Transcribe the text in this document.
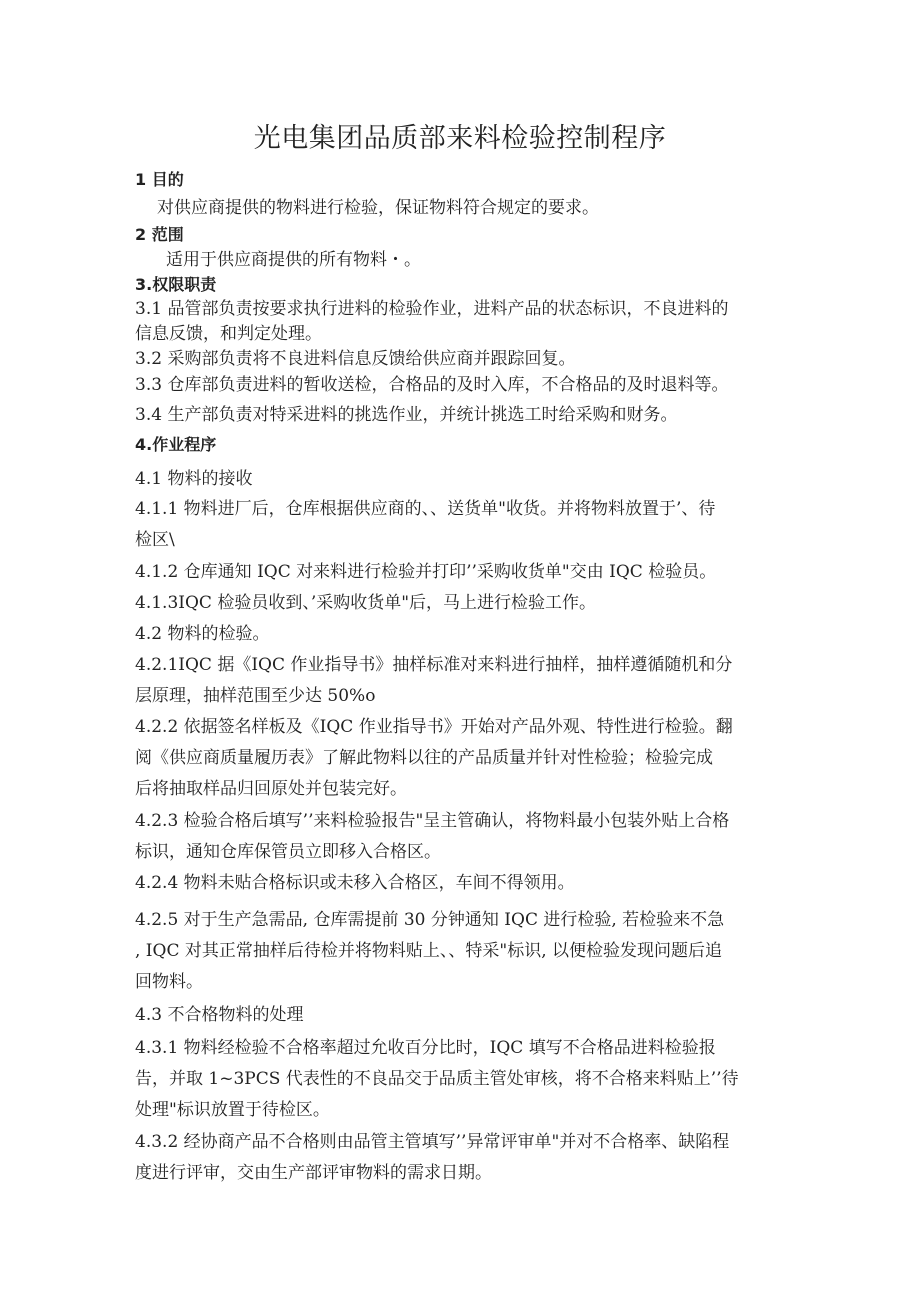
光电集团品质部来料检验控制程序

1 目的

对供应商提供的物料进行检验，保证物料符合规定的要求。

2 范围

适用于供应商提供的所有物料・。

3.权限职责

3.1 品管部负责按要求执行进料的检验作业，进料产品的状态标识，不良进料的

信息反馈，和判定处理。

3.2 采购部负责将不良进料信息反馈给供应商并跟踪回复。

3.3 仓库部负责进料的暂收送检，合格品的及时入库，不合格品的及时退料等。

3.4 生产部负责对特采进料的挑选作业，并统计挑选工时给采购和财务。

4.作业程序

4.1 物料的接收

4.1.1 物料进厂后，仓库根据供应商的、、送货单"收货。并将物料放置于’、待

检区\

4.1.2 仓库通知 IQC 对来料进行检验并打印’’采购收货单"交由 IQC 检验员。

4.1.3IQC 检验员收到、’采购收货单"后，马上进行检验工作。

4.2 物料的检验。

4.2.1IQC 据《IQC 作业指导书》抽样标准对来料进行抽样，抽样遵循随机和分

层原理，抽样范围至少达 50%o

4.2.2 依据签名样板及《IQC 作业指导书》开始对产品外观、特性进行检验。翻

阅《供应商质量履历表》了解此物料以往的产品质量并针对性检验；检验完成

后将抽取样品归回原处并包装完好。

4.2.3 检验合格后填写’’来料检验报告"呈主管确认，将物料最小包装外贴上合格

标识，通知仓库保管员立即移入合格区。

4.2.4 物料未贴合格标识或未移入合格区，车间不得领用。

4.2.5 对于生产急需品, 仓库需提前 30 分钟通知 IQC 进行检验, 若检验来不急

, IQC 对其正常抽样后待检并将物料贴上、、特采"标识, 以便检验发现问题后追

回物料。

4.3 不合格物料的处理

4.3.1 物料经检验不合格率超过允收百分比时，IQC 填写不合格品进料检验报

告，并取 1~3PCS 代表性的不良品交于品质主管处审核，将不合格来料贴上’’待

处理"标识放置于待检区。

4.3.2 经协商产品不合格则由品管主管填写’’异常评审单"并对不合格率、缺陷程

度进行评审，交由生产部评审物料的需求日期。
